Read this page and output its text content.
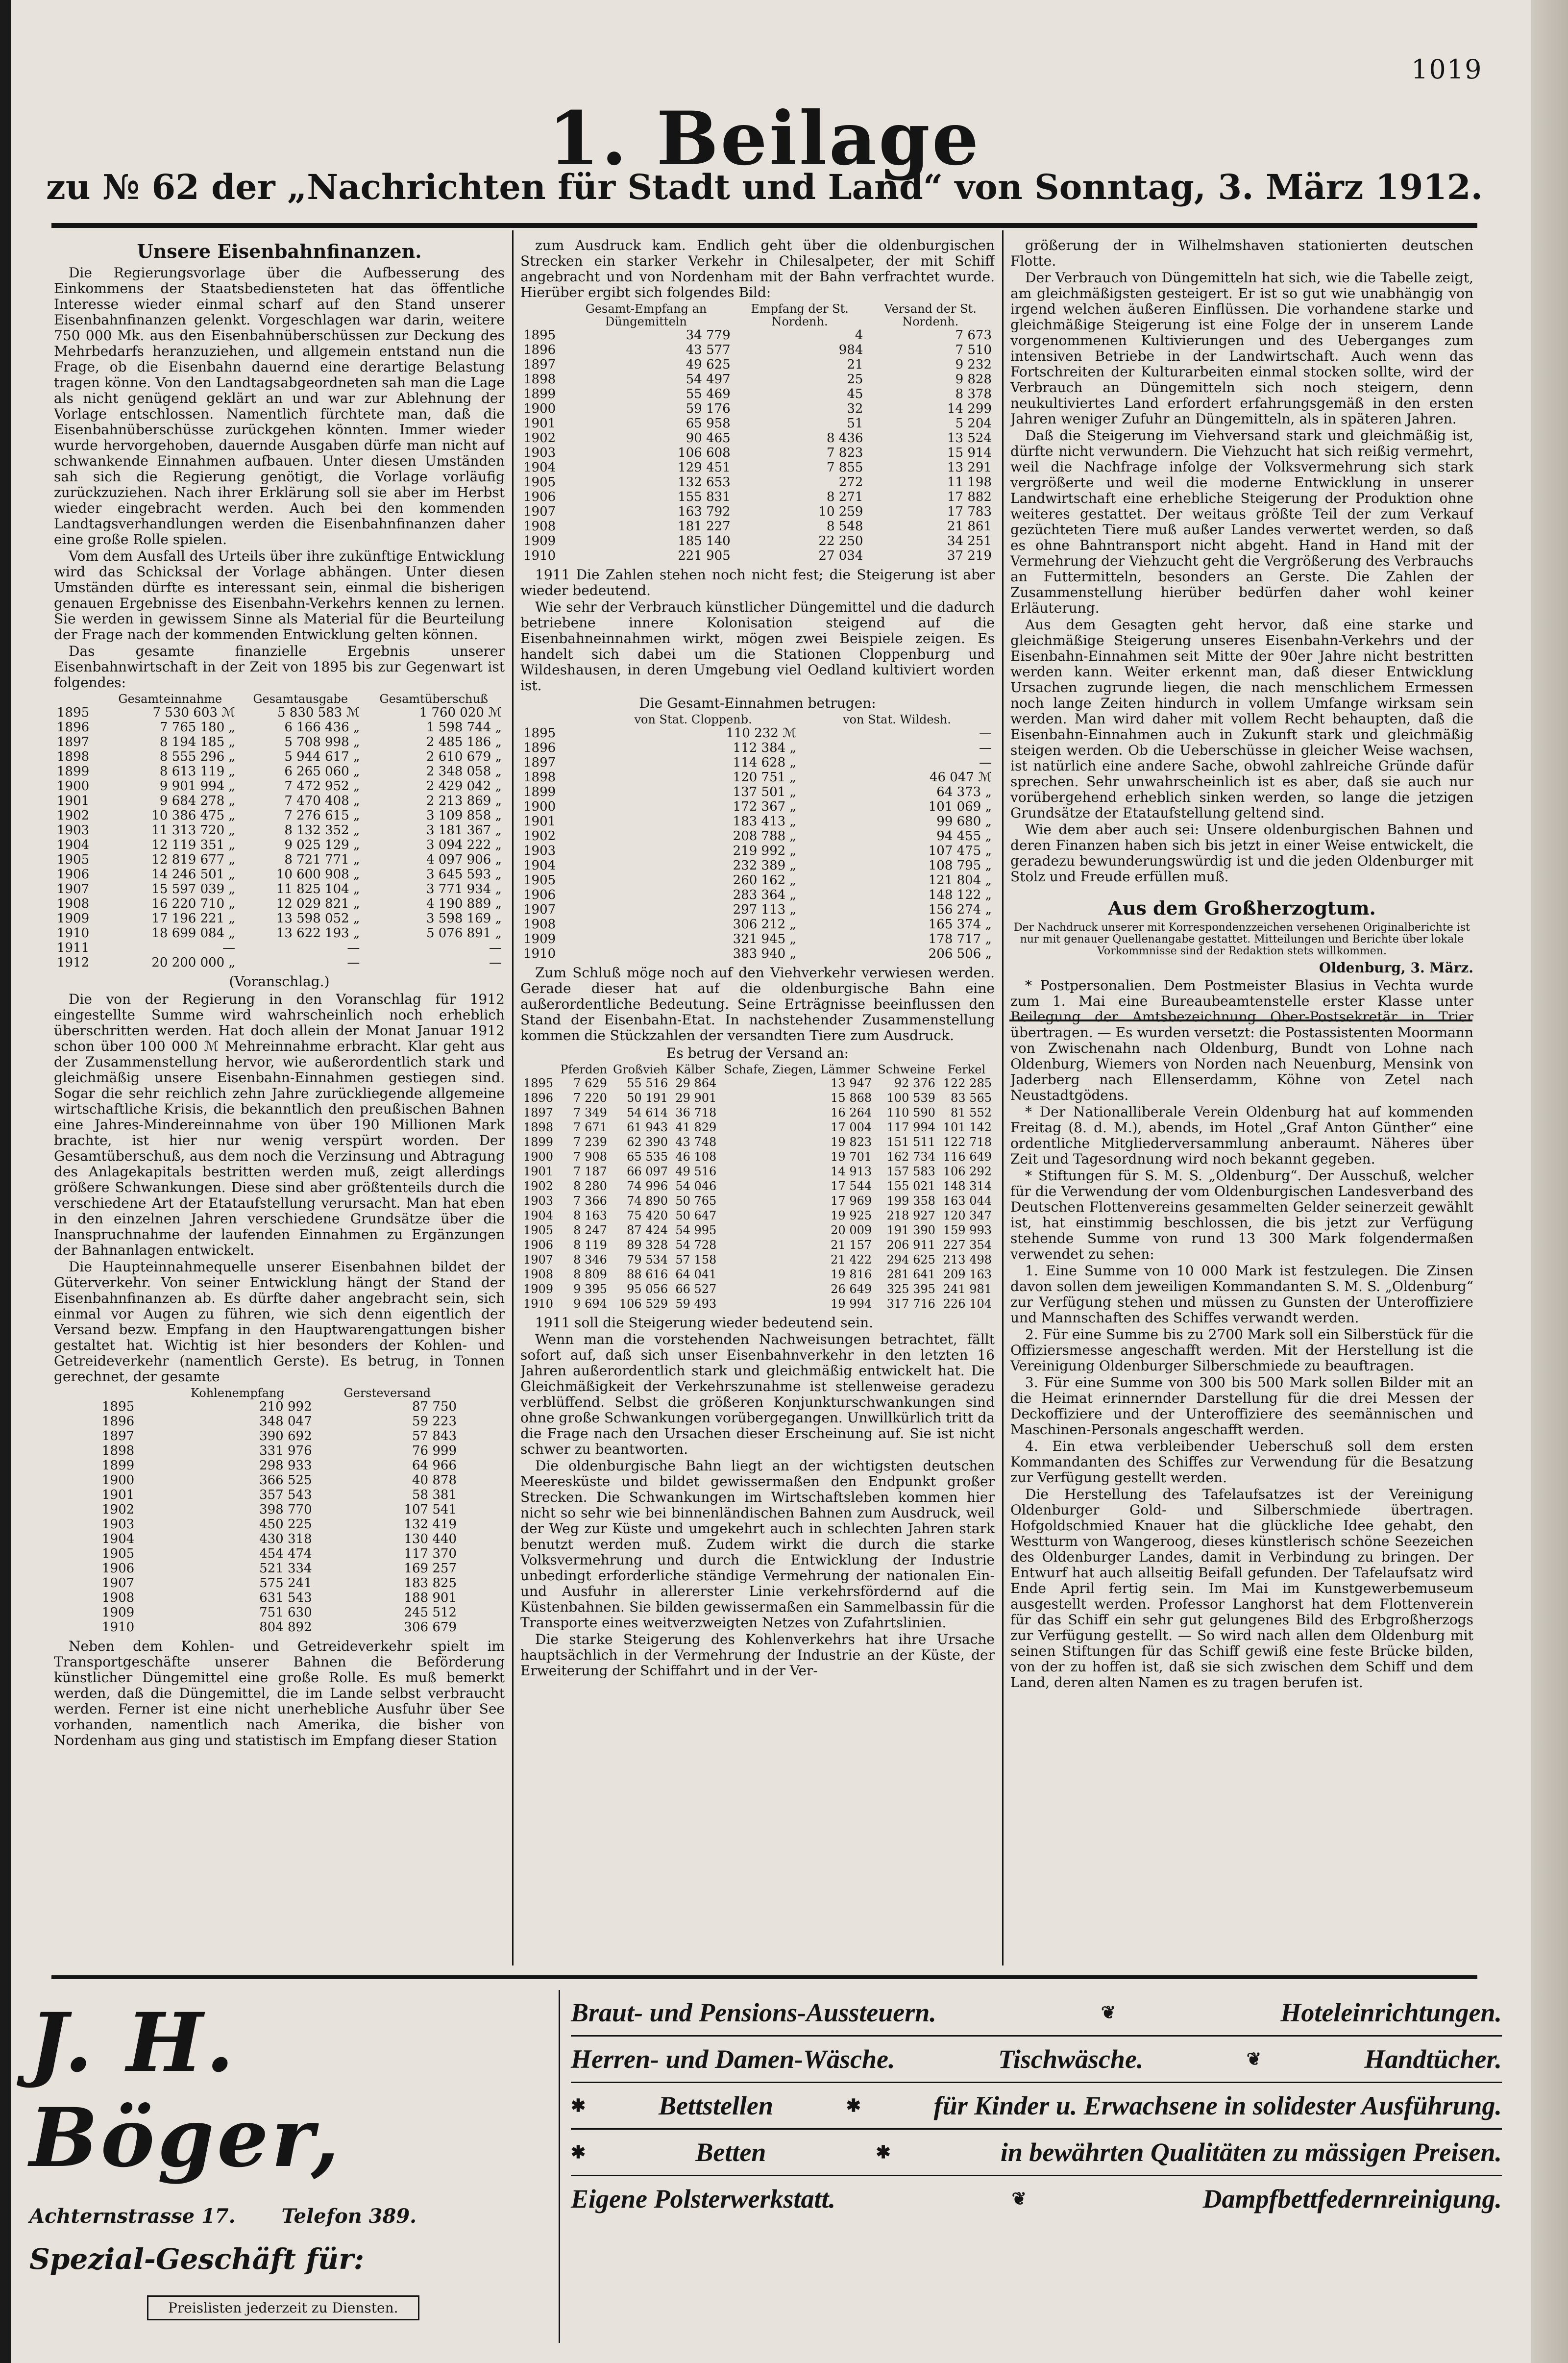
1019
1. Beilage
zu № 62 der „Nachrichten für Stadt und Land“ von Sonntag, 3. März 1912.
Unsere Eisenbahnfinanzen.

Die Regierungsvorlage über die Aufbesserung des Einkommens der Staatsbediensteten hat das öffentliche Interesse wieder einmal scharf auf den Stand unserer Eisenbahnfinanzen gelenkt. Vorgeschlagen war darin, weitere 750 000 Mk. aus den Eisenbahnüberschüssen zur Deckung des Mehrbedarfs heranzuziehen, und allgemein entstand nun die Frage, ob die Eisenbahn dauernd eine derartige Belastung tragen könne. Von den Landtagsabgeordneten sah man die Lage als nicht genügend geklärt an und war zur Ablehnung der Vorlage entschlossen. Namentlich fürchtete man, daß die Eisenbahnüberschüsse zurückgehen könnten. Immer wieder wurde hervorgehoben, dauernde Ausgaben dürfe man nicht auf schwankende Einnahmen aufbauen. Unter diesen Umständen sah sich die Regierung genötigt, die Vorlage vorläufig zurückzuziehen. Nach ihrer Erklärung soll sie aber im Herbst wieder eingebracht werden. Auch bei den kommenden Landtagsverhandlungen werden die Eisenbahnfinanzen daher eine große Rolle spielen.

Vom dem Ausfall des Urteils über ihre zukünftige Entwicklung wird das Schicksal der Vorlage abhängen. Unter diesen Umständen dürfte es interessant sein, einmal die bisherigen genauen Ergebnisse des Eisenbahn-Verkehrs kennen zu lernen. Sie werden in gewissem Sinne als Material für die Beurteilung der Frage nach der kommenden Entwicklung gelten können.

Das gesamte finanzielle Ergebnis unserer Eisenbahnwirtschaft in der Zeit von 1895 bis zur Gegenwart ist folgendes:

	Gesamteinnahme	Gesamtausgabe	Gesamtüberschuß
1895	7 530 603 ℳ	5 830 583 ℳ	1 760 020 ℳ
1896	7 765 180 „	6 166 436 „	1 598 744 „
1897	8 194 185 „	5 708 998 „	2 485 186 „
1898	8 555 296 „	5 944 617 „	2 610 679 „
1899	8 613 119 „	6 265 060 „	2 348 058 „
1900	9 901 994 „	7 472 952 „	2 429 042 „
1901	9 684 278 „	7 470 408 „	2 213 869 „
1902	10 386 475 „	7 276 615 „	3 109 858 „
1903	11 313 720 „	8 132 352 „	3 181 367 „
1904	12 119 351 „	9 025 129 „	3 094 222 „
1905	12 819 677 „	8 721 771 „	4 097 906 „
1906	14 246 501 „	10 600 908 „	3 645 593 „
1907	15 597 039 „	11 825 104 „	3 771 934 „
1908	16 220 710 „	12 029 821 „	4 190 889 „
1909	17 196 221 „	13 598 052 „	3 598 169 „
1910	18 699 084 „	13 622 193 „	5 076 891 „
1911	—	—	—
1912	20 200 000 „	—	—
(Voranschlag.)

Die von der Regierung in den Voranschlag für 1912 eingestellte Summe wird wahrscheinlich noch erheblich überschritten werden. Hat doch allein der Monat Januar 1912 schon über 100 000 ℳ Mehreinnahme erbracht. Klar geht aus der Zusammenstellung hervor, wie außerordentlich stark und gleichmäßig unsere Eisenbahn-Einnahmen gestiegen sind. Sogar die sehr reichlich zehn Jahre zurückliegende allgemeine wirtschaftliche Krisis, die bekanntlich den preußischen Bahnen eine Jahres-Mindereinnahme von über 190 Millionen Mark brachte, ist hier nur wenig verspürt worden. Der Gesamtüberschuß, aus dem noch die Verzinsung und Abtragung des Anlagekapitals bestritten werden muß, zeigt allerdings größere Schwankungen. Diese sind aber größtenteils durch die verschiedene Art der Etataufstellung verursacht. Man hat eben in den einzelnen Jahren verschiedene Grundsätze über die Inanspruchnahme der laufenden Einnahmen zu Ergänzungen der Bahnanlagen entwickelt.

Die Haupteinnahmequelle unserer Eisenbahnen bildet der Güterverkehr. Von seiner Entwicklung hängt der Stand der Eisenbahnfinanzen ab. Es dürfte daher angebracht sein, sich einmal vor Augen zu führen, wie sich denn eigentlich der Versand bezw. Empfang in den Hauptwarengattungen bisher gestaltet hat. Wichtig ist hier besonders der Kohlen- und Getreideverkehr (namentlich Gerste). Es betrug, in Tonnen gerechnet, der gesamte

	Kohlenempfang	Gersteversand
1895	210 992	87 750
1896	348 047	59 223
1897	390 692	57 843
1898	331 976	76 999
1899	298 933	64 966
1900	366 525	40 878
1901	357 543	58 381
1902	398 770	107 541
1903	450 225	132 419
1904	430 318	130 440
1905	454 474	117 370
1906	521 334	169 257
1907	575 241	183 825
1908	631 543	188 901
1909	751 630	245 512
1910	804 892	306 679

Neben dem Kohlen- und Getreideverkehr spielt im Transportgeschäfte unserer Bahnen die Beförderung künstlicher Düngemittel eine große Rolle. Es muß bemerkt werden, daß die Düngemittel, die im Lande selbst verbraucht werden. Ferner ist eine nicht unerhebliche Ausfuhr über See vorhanden, namentlich nach Amerika, die bisher von Nordenham aus ging und statistisch im Empfang dieser Station

zum Ausdruck kam. Endlich geht über die oldenburgischen Strecken ein starker Verkehr in Chilesalpeter, der mit Schiff angebracht und von Nordenham mit der Bahn verfrachtet wurde. Hierüber ergibt sich folgendes Bild:

	Gesamt-Empfang an Düngemitteln	Empfang der St. Nordenh.	Versand der St. Nordenh.
1895	34 779	4	7 673
1896	43 577	984	7 510
1897	49 625	21	9 232
1898	54 497	25	9 828
1899	55 469	45	8 378
1900	59 176	32	14 299
1901	65 958	51	5 204
1902	90 465	8 436	13 524
1903	106 608	7 823	15 914
1904	129 451	7 855	13 291
1905	132 653	272	11 198
1906	155 831	8 271	17 882
1907	163 792	10 259	17 783
1908	181 227	8 548	21 861
1909	185 140	22 250	34 251
1910	221 905	27 034	37 219

1911 Die Zahlen stehen noch nicht fest; die Steigerung ist aber wieder bedeutend.

Wie sehr der Verbrauch künstlicher Düngemittel und die dadurch betriebene innere Kolonisation steigend auf die Eisenbahneinnahmen wirkt, mögen zwei Beispiele zeigen. Es handelt sich dabei um die Stationen Cloppenburg und Wildeshausen, in deren Umgebung viel Oedland kultiviert worden ist.

Die Gesamt-Einnahmen betrugen:
	von Stat. Cloppenb.	von Stat. Wildesh.
1895	110 232 ℳ	—
1896	112 384 „	—
1897	114 628 „	—
1898	120 751 „	46 047 ℳ
1899	137 501 „	64 373 „
1900	172 367 „	101 069 „
1901	183 413 „	99 680 „
1902	208 788 „	94 455 „
1903	219 992 „	107 475 „
1904	232 389 „	108 795 „
1905	260 162 „	121 804 „
1906	283 364 „	148 122 „
1907	297 113 „	156 274 „
1908	306 212 „	165 374 „
1909	321 945 „	178 717 „
1910	383 940 „	206 506 „

Zum Schluß möge noch auf den Viehverkehr verwiesen werden. Gerade dieser hat auf die oldenburgische Bahn eine außerordentliche Bedeutung. Seine Erträgnisse beeinflussen den Stand der Eisenbahn-Etat. In nachstehender Zusammenstellung kommen die Stückzahlen der versandten Tiere zum Ausdruck.

Es betrug der Versand an:
	Pferden	Großvieh	Kälber	Schafe, Ziegen, Lämmer	Schweine	Ferkel
1895	7 629	55 516	29 864	13 947	92 376	122 285
1896	7 220	50 191	29 901	15 868	100 539	83 565
1897	7 349	54 614	36 718	16 264	110 590	81 552
1898	7 671	61 943	41 829	17 004	117 994	101 142
1899	7 239	62 390	43 748	19 823	151 511	122 718
1900	7 908	65 535	46 108	19 701	162 734	116 649
1901	7 187	66 097	49 516	14 913	157 583	106 292
1902	8 280	74 996	54 046	17 544	155 021	148 314
1903	7 366	74 890	50 765	17 969	199 358	163 044
1904	8 163	75 420	50 647	19 925	218 927	120 347
1905	8 247	87 424	54 995	20 009	191 390	159 993
1906	8 119	89 328	54 728	21 157	206 911	227 354
1907	8 346	79 534	57 158	21 422	294 625	213 498
1908	8 809	88 616	64 041	19 816	281 641	209 163
1909	9 395	95 056	66 527	26 649	325 395	241 981
1910	9 694	106 529	59 493	19 994	317 716	226 104

1911 soll die Steigerung wieder bedeutend sein.

Wenn man die vorstehenden Nachweisungen betrachtet, fällt sofort auf, daß sich unser Eisenbahnverkehr in den letzten 16 Jahren außerordentlich stark und gleichmäßig entwickelt hat. Die Gleichmäßigkeit der Verkehrszunahme ist stellenweise geradezu verblüffend. Selbst die größeren Konjunkturschwankungen sind ohne große Schwankungen vorübergegangen. Unwillkürlich tritt da die Frage nach den Ursachen dieser Erscheinung auf. Sie ist nicht schwer zu beantworten.

Die oldenburgische Bahn liegt an der wichtigsten deutschen Meeresküste und bildet gewissermaßen den Endpunkt großer Strecken. Die Schwankungen im Wirtschaftsleben kommen hier nicht so sehr wie bei binnenländischen Bahnen zum Ausdruck, weil der Weg zur Küste und umgekehrt auch in schlechten Jahren stark benutzt werden muß. Zudem wirkt die durch die starke Volksvermehrung und durch die Entwicklung der Industrie unbedingt erforderliche ständige Vermehrung der nationalen Ein- und Ausfuhr in allererster Linie verkehrsfördernd auf die Küstenbahnen. Sie bilden gewissermaßen ein Sammelbassin für die Transporte eines weitverzweigten Netzes von Zufahrtslinien.

Die starke Steigerung des Kohlenverkehrs hat ihre Ursache hauptsächlich in der Vermehrung der Industrie an der Küste, der Erweiterung der Schiffahrt und in der Ver-

größerung der in Wilhelmshaven stationierten deutschen Flotte.

Der Verbrauch von Düngemitteln hat sich, wie die Tabelle zeigt, am gleichmäßigsten gesteigert. Er ist so gut wie unabhängig von irgend welchen äußeren Einflüssen. Die vorhandene starke und gleichmäßige Steigerung ist eine Folge der in unserem Lande vorgenommenen Kultivierungen und des Ueberganges zum intensiven Betriebe in der Landwirtschaft. Auch wenn das Fortschreiten der Kulturarbeiten einmal stocken sollte, wird der Verbrauch an Düngemitteln sich noch steigern, denn neukultiviertes Land erfordert erfahrungsgemäß in den ersten Jahren weniger Zufuhr an Düngemitteln, als in späteren Jahren.

Daß die Steigerung im Viehversand stark und gleichmäßig ist, dürfte nicht verwundern. Die Viehzucht hat sich reißig vermehrt, weil die Nachfrage infolge der Volksvermehrung sich stark vergrößerte und weil die moderne Entwicklung in unserer Landwirtschaft eine erhebliche Steigerung der Produktion ohne weiteres gestattet. Der weitaus größte Teil der zum Verkauf gezüchteten Tiere muß außer Landes verwertet werden, so daß es ohne Bahntransport nicht abgeht. Hand in Hand mit der Vermehrung der Viehzucht geht die Vergrößerung des Verbrauchs an Futtermitteln, besonders an Gerste. Die Zahlen der Zusammenstellung hierüber bedürfen daher wohl keiner Erläuterung.

Aus dem Gesagten geht hervor, daß eine starke und gleichmäßige Steigerung unseres Eisenbahn-Verkehrs und der Eisenbahn-Einnahmen seit Mitte der 90er Jahre nicht bestritten werden kann. Weiter erkennt man, daß dieser Entwicklung Ursachen zugrunde liegen, die nach menschlichem Ermessen noch lange Zeiten hindurch in vollem Umfange wirksam sein werden. Man wird daher mit vollem Recht behaupten, daß die Eisenbahn-Einnahmen auch in Zukunft stark und gleichmäßig steigen werden. Ob die Ueberschüsse in gleicher Weise wachsen, ist natürlich eine andere Sache, obwohl zahlreiche Gründe dafür sprechen. Sehr unwahrscheinlich ist es aber, daß sie auch nur vorübergehend erheblich sinken werden, so lange die jetzigen Grundsätze der Etataufstellung geltend sind.

Wie dem aber auch sei: Unsere oldenburgischen Bahnen und deren Finanzen haben sich bis jetzt in einer Weise entwickelt, die geradezu bewunderungswürdig ist und die jeden Oldenburger mit Stolz und Freude erfüllen muß.

Aus dem Großherzogtum.
Der Nachdruck unserer mit Korrespondenzzeichen versehenen Originalberichte ist nur mit genauer Quellenangabe gestattet. Mitteilungen und Berichte über lokale Vorkommnisse sind der Redaktion stets willkommen.
Oldenburg, 3. März.

* Postpersonalien. Dem Postmeister Blasius in Vechta wurde zum 1. Mai eine Bureaubeamtenstelle erster Klasse unter Beilegung der Amtsbezeichnung Ober-Postsekretär in Trier übertragen. — Es wurden versetzt: die Postassistenten Moormann von Zwischenahn nach Oldenburg, Bundt von Lohne nach Oldenburg, Wiemers von Norden nach Neuenburg, Mensink von Jaderberg nach Ellenserdamm, Köhne von Zetel nach Neustadtgödens.

* Der Nationalliberale Verein Oldenburg hat auf kommenden Freitag (8. d. M.), abends, im Hotel „Graf Anton Günther“ eine ordentliche Mitgliederversammlung anberaumt. Näheres über Zeit und Tagesordnung wird noch bekannt gegeben.

* Stiftungen für S. M. S. „Oldenburg“. Der Ausschuß, welcher für die Verwendung der vom Oldenburgischen Landesverband des Deutschen Flottenvereins gesammelten Gelder seinerzeit gewählt ist, hat einstimmig beschlossen, die bis jetzt zur Verfügung stehende Summe von rund 13 300 Mark folgendermaßen verwendet zu sehen:

1. Eine Summe von 10 000 Mark ist festzulegen. Die Zinsen davon sollen dem jeweiligen Kommandanten S. M. S. „Oldenburg“ zur Verfügung stehen und müssen zu Gunsten der Unteroffiziere und Mannschaften des Schiffes verwandt werden.

2. Für eine Summe bis zu 2700 Mark soll ein Silberstück für die Offiziersmesse angeschafft werden. Mit der Herstellung ist die Vereinigung Oldenburger Silberschmiede zu beauftragen.

3. Für eine Summe von 300 bis 500 Mark sollen Bilder mit an die Heimat erinnernder Darstellung für die drei Messen der Deckoffiziere und der Unteroffiziere des seemännischen und Maschinen-Personals angeschafft werden.

4. Ein etwa verbleibender Ueberschuß soll dem ersten Kommandanten des Schiffes zur Verwendung für die Besatzung zur Verfügung gestellt werden.

Die Herstellung des Tafelaufsatzes ist der Vereinigung Oldenburger Gold- und Silberschmiede übertragen. Hofgoldschmied Knauer hat die glückliche Idee gehabt, den Westturm von Wangeroog, dieses künstlerisch schöne Seezeichen des Oldenburger Landes, damit in Verbindung zu bringen. Der Entwurf hat auch allseitig Beifall gefunden. Der Tafelaufsatz wird Ende April fertig sein. Im Mai im Kunstgewerbemuseum ausgestellt werden. Professor Langhorst hat dem Flottenverein für das Schiff ein sehr gut gelungenes Bild des Erbgroßherzogs zur Verfügung gestellt. — So wird nach allen dem Oldenburg mit seinen Stiftungen für das Schiff gewiß eine feste Brücke bilden, von der zu hoffen ist, daß sie sich zwischen dem Schiff und dem Land, deren alten Namen es zu tragen berufen ist.

J. H. Böger,
Achternstrasse 17. Telefon 389.
Spezial-Geschäft für:
Preislisten jederzeit zu Diensten.
Braut- und Pensions-Aussteuern.	❦	Hoteleinrichtungen.
Herren- und Damen-Wäsche.	Tischwäsche.	❦	Handtücher.
✱	Bettstellen	✱	für Kinder u. Erwachsene in solidester Ausführung.
✱	Betten	✱	in bewährten Qualitäten zu mässigen Preisen.
Eigene Polsterwerkstatt.	❦	Dampfbettfedernreinigung.
